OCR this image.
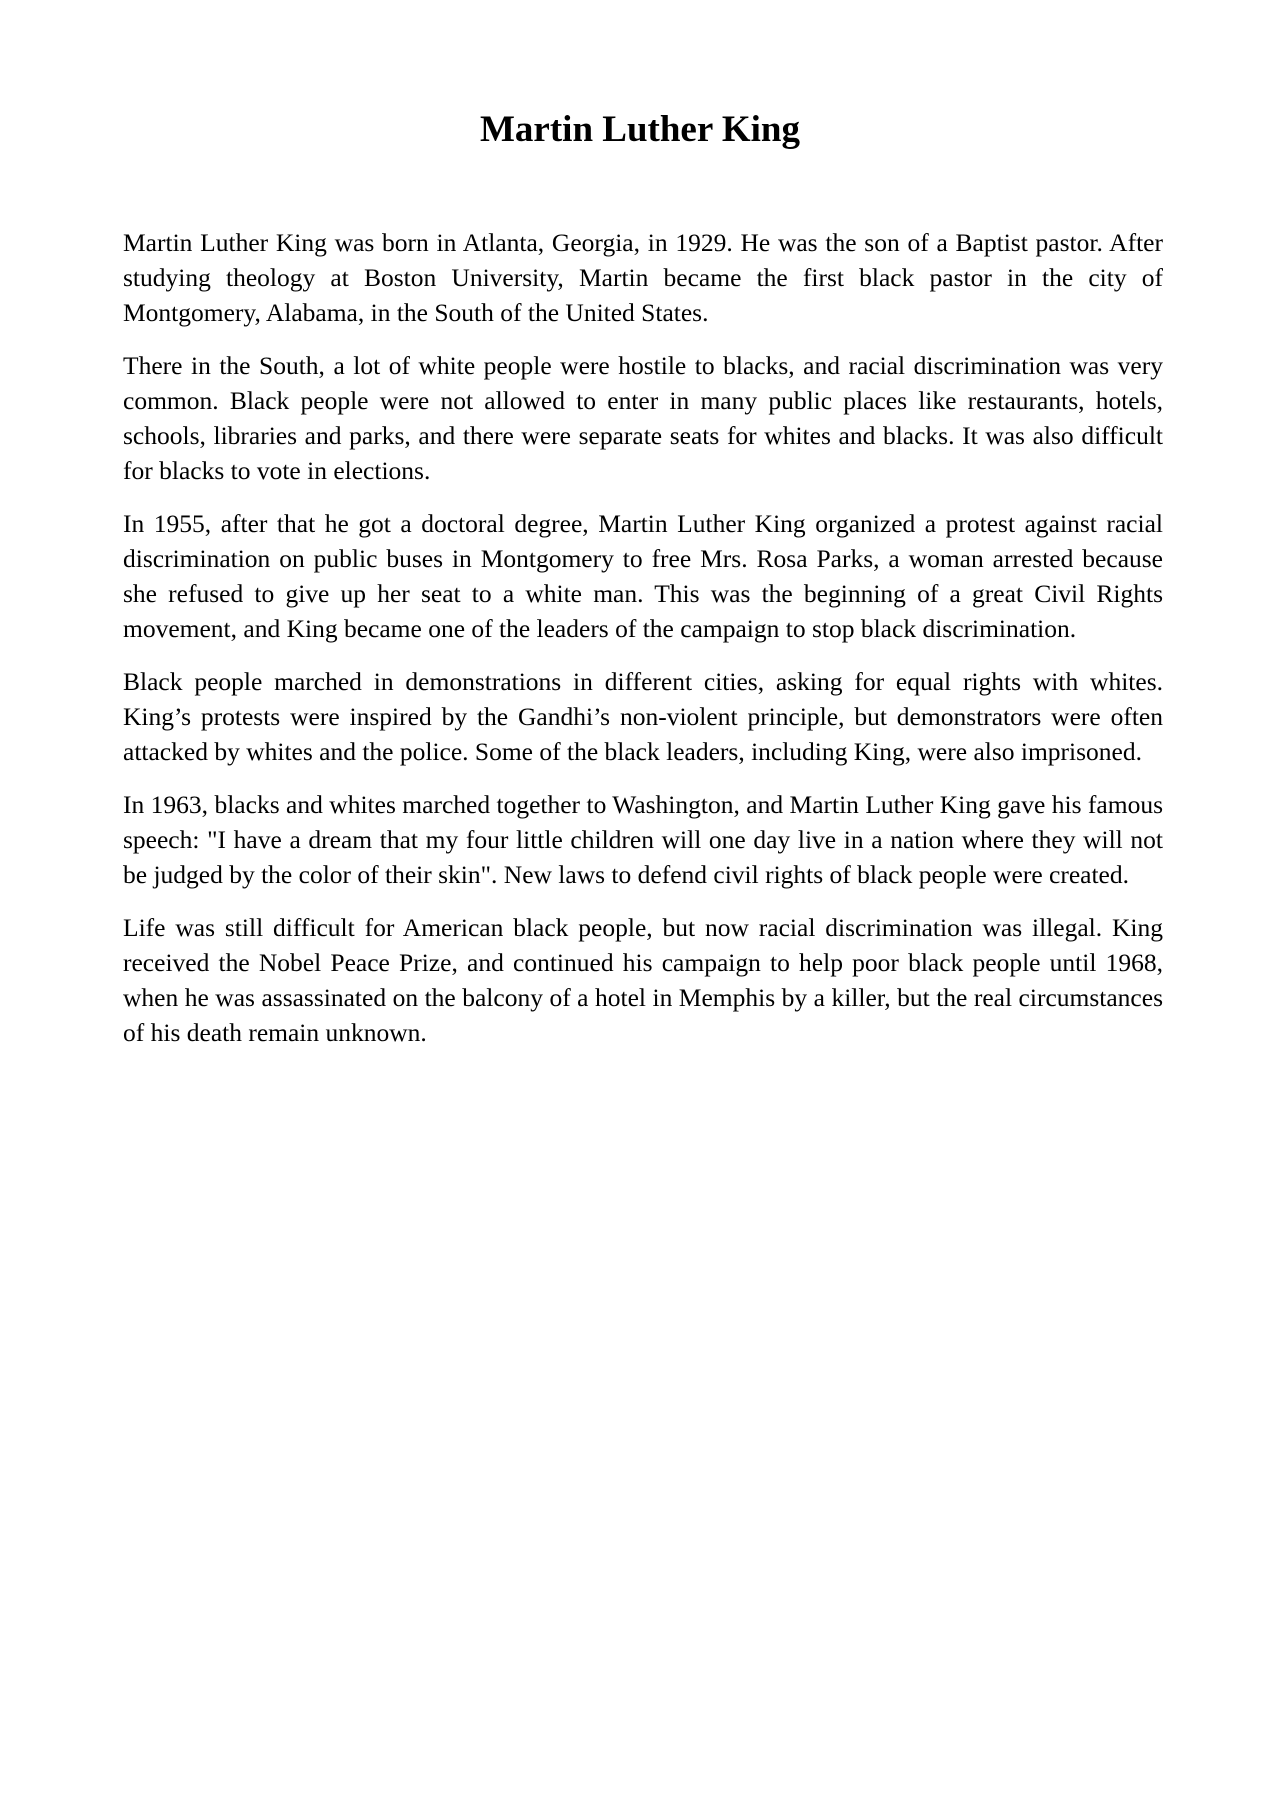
Martin Luther King

Martin Luther King was born in Atlanta, Georgia, in 1929. He was the son of a Baptist pastor. After studying theology at Boston University, Martin became the first black pastor in the city of Montgomery, Alabama, in the South of the United States.

There in the South, a lot of white people were hostile to blacks, and racial discrimination was very common. Black people were not allowed to enter in many public places like restaurants, hotels, schools, libraries and parks, and there were separate seats for whites and blacks. It was also difficult for blacks to vote in elections.

In 1955, after that he got a doctoral degree, Martin Luther King organized a protest against racial discrimination on public buses in Montgomery to free Mrs. Rosa Parks, a woman arrested because she refused to give up her seat to a white man. This was the beginning of a great Civil Rights movement, and King became one of the leaders of the campaign to stop black discrimination.

Black people marched in demonstrations in different cities, asking for equal rights with whites. King’s protests were inspired by the Gandhi’s non-violent principle, but demonstrators were often attacked by whites and the police. Some of the black leaders, including King, were also imprisoned.

In 1963, blacks and whites marched together to Washington, and Martin Luther King gave his famous speech: "I have a dream that my four little children will one day live in a nation where they will not be judged by the color of their skin". New laws to defend civil rights of black people were created.

Life was still difficult for American black people, but now racial discrimination was illegal. King received the Nobel Peace Prize, and continued his campaign to help poor black people until 1968, when he was assassinated on the balcony of a hotel in Memphis by a killer, but the real circumstances of his death remain unknown.
